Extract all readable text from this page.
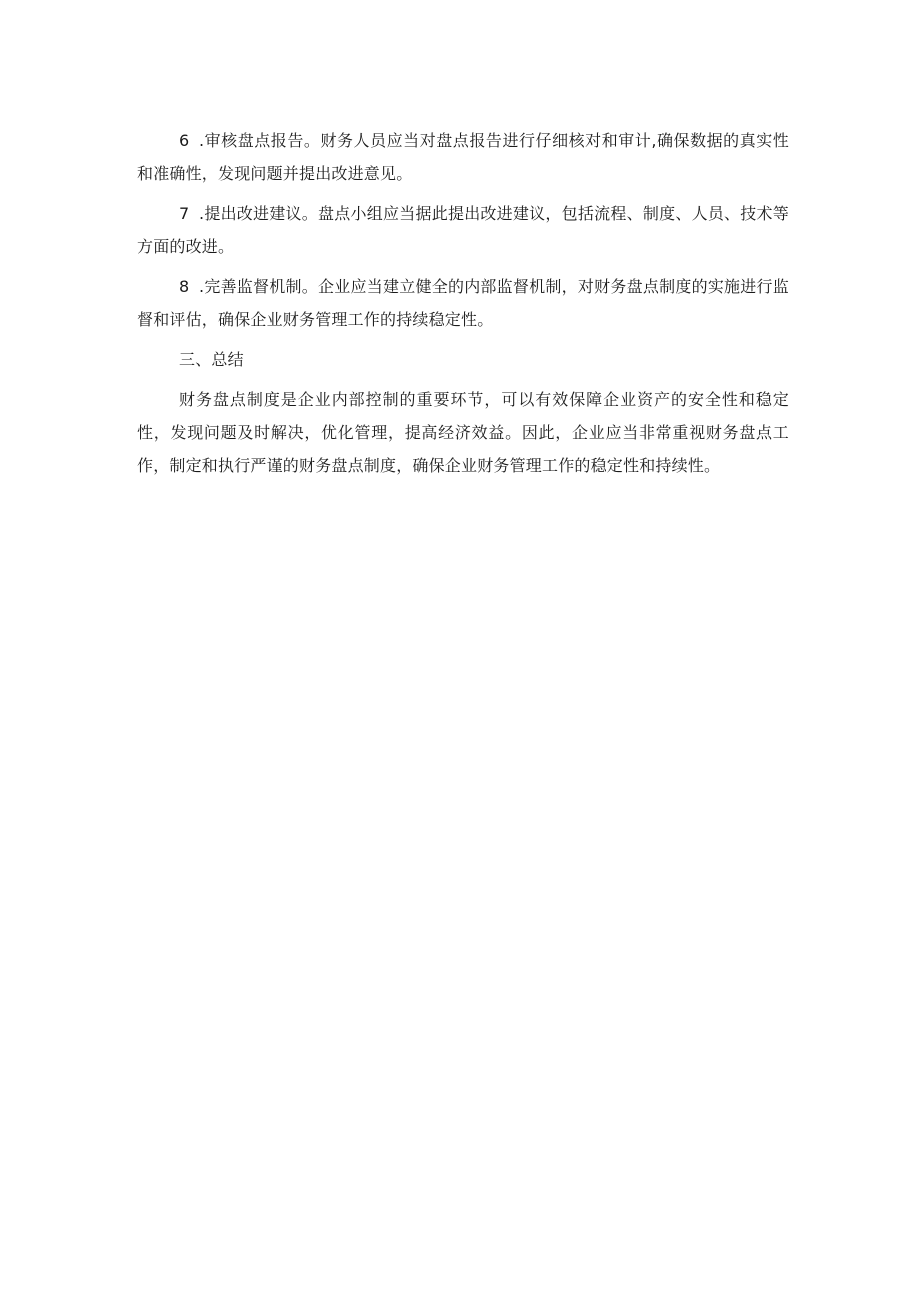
6 .审核盘点报告。财务人员应当对盘点报告进行仔细核对和审计,确保数据的真实性和准确性，发现问题并提出改进意见。

7 .提出改进建议。盘点小组应当据此提出改进建议，包括流程、制度、人员、技术等方面的改进。

8 .完善监督机制。企业应当建立健全的内部监督机制，对财务盘点制度的实施进行监督和评估，确保企业财务管理工作的持续稳定性。

三、总结

财务盘点制度是企业内部控制的重要环节，可以有效保障企业资产的安全性和稳定性，发现问题及时解决，优化管理，提高经济效益。因此，企业应当非常重视财务盘点工作，制定和执行严谨的财务盘点制度，确保企业财务管理工作的稳定性和持续性。
